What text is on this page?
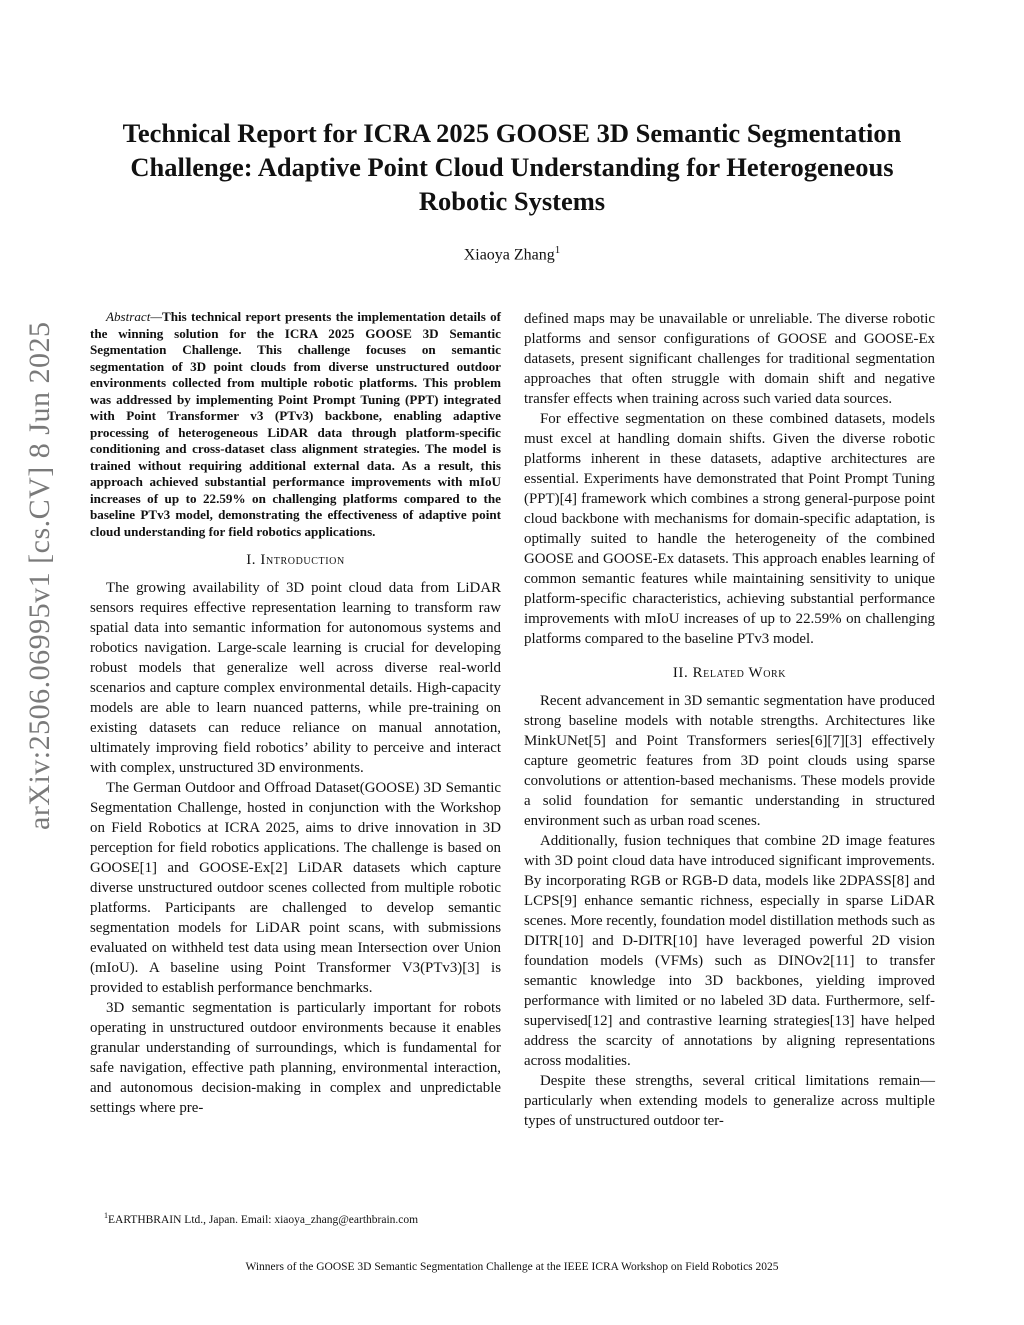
arXiv:2506.06995v1 [cs.CV] 8 Jun 2025
Technical Report for ICRA 2025 GOOSE 3D Semantic Segmentation Challenge: Adaptive Point Cloud Understanding for Heterogeneous Robotic Systems
Xiaoya Zhang$^1$

Abstract—This technical report presents the implementation details of the winning solution for the ICRA 2025 GOOSE 3D Semantic Segmentation Challenge. This challenge focuses on semantic segmentation of 3D point clouds from diverse unstructured outdoor environments collected from multiple robotic platforms. This problem was addressed by implementing Point Prompt Tuning (PPT) integrated with Point Transformer v3 (PTv3) backbone, enabling adaptive processing of heterogeneous LiDAR data through platform-specific conditioning and cross-dataset class alignment strategies. The model is trained without requiring additional external data. As a result, this approach achieved substantial performance improvements with mIoU increases of up to 22.59% on challenging platforms compared to the baseline PTv3 model, demonstrating the effectiveness of adaptive point cloud understanding for field robotics applications.

I. Introduction

The growing availability of 3D point cloud data from LiDAR sensors requires effective representation learning to transform raw spatial data into semantic information for autonomous systems and robotics navigation. Large-scale learning is crucial for developing robust models that generalize well across diverse real-world scenarios and capture complex environmental details. High-capacity models are able to learn nuanced patterns, while pre-training on existing datasets can reduce reliance on manual annotation, ultimately improving field robotics’ ability to perceive and interact with complex, unstructured 3D environments.

The German Outdoor and Offroad Dataset(GOOSE) 3D Semantic Segmentation Challenge, hosted in conjunction with the Workshop on Field Robotics at ICRA 2025, aims to drive innovation in 3D perception for field robotics applications. The challenge is based on GOOSE[1] and GOOSE-Ex[2] LiDAR datasets which capture diverse unstructured outdoor scenes collected from multiple robotic platforms. Participants are challenged to develop semantic segmentation models for LiDAR point scans, with submissions evaluated on withheld test data using mean Intersection over Union (mIoU). A baseline using Point Transformer V3(PTv3)[3] is provided to establish performance benchmarks.

3D semantic segmentation is particularly important for robots operating in unstructured outdoor environments because it enables granular understanding of surroundings, which is fundamental for safe navigation, effective path planning, environmental interaction, and autonomous decision-making in complex and unpredictable settings where pre-

defined maps may be unavailable or unreliable. The diverse robotic platforms and sensor configurations of GOOSE and GOOSE-Ex datasets, present significant challenges for traditional segmentation approaches that often struggle with domain shift and negative transfer effects when training across such varied data sources.

For effective segmentation on these combined datasets, models must excel at handling domain shifts. Given the diverse robotic platforms inherent in these datasets, adaptive architectures are essential. Experiments have demonstrated that Point Prompt Tuning (PPT)[4] framework which combines a strong general-purpose point cloud backbone with mechanisms for domain-specific adaptation, is optimally suited to handle the heterogeneity of the combined GOOSE and GOOSE-Ex datasets. This approach enables learning of common semantic features while maintaining sensitivity to unique platform-specific characteristics, achieving substantial performance improvements with mIoU increases of up to 22.59% on challenging platforms compared to the baseline PTv3 model.

II. Related Work

Recent advancement in 3D semantic segmentation have produced strong baseline models with notable strengths. Architectures like MinkUNet[5] and Point Transformers series[6][7][3] effectively capture geometric features from 3D point clouds using sparse convolutions or attention-based mechanisms. These models provide a solid foundation for semantic understanding in structured environment such as urban road scenes.

Additionally, fusion techniques that combine 2D image features with 3D point cloud data have introduced significant improvements. By incorporating RGB or RGB-D data, models like 2DPASS[8] and LCPS[9] enhance semantic richness, especially in sparse LiDAR scenes. More recently, foundation model distillation methods such as DITR[10] and D-DITR[10] have leveraged powerful 2D vision foundation models (VFMs) such as DINOv2[11] to transfer semantic knowledge into 3D backbones, yielding improved performance with limited or no labeled 3D data. Furthermore, self-supervised[12] and contrastive learning strategies[13] have helped address the scarcity of annotations by aligning representations across modalities.

Despite these strengths, several critical limitations remain—particularly when extending models to generalize across multiple types of unstructured outdoor ter-

$^1$EARTHBRAIN Ltd., Japan. Email: xiaoya_zhang@earthbrain.com
Winners of the GOOSE 3D Semantic Segmentation Challenge at the IEEE ICRA Workshop on Field Robotics 2025
